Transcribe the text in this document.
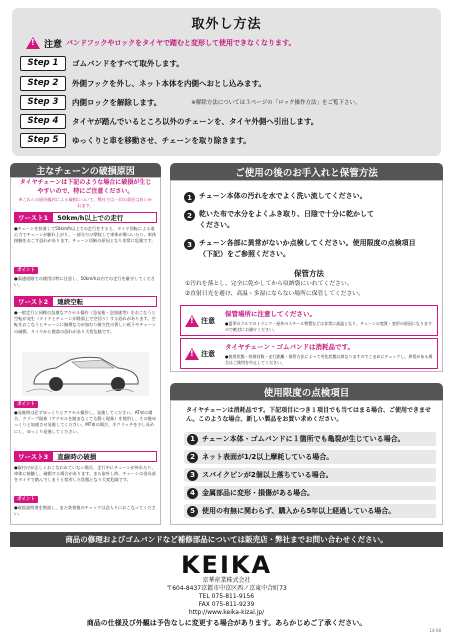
取外し方法
!
注意 バンドフックやロックをタイヤで踏むと変形して使用できなくなります。
Step 1	ゴムバンドをすべて取外します。
Step 2	外側フックを外し、ネット本体を内側へおとし込みます。
Step 3	内側ロックを解除します。	※解除方法については３ページの「ロック操作方法」をご覧下さい。
Step 4	タイヤが踏んでいるところ以外のチェーンを、タイヤ外側へ引出します。
Step 5	ゆっくりと車を移動させ、チェーンを取り除きます。
主なチェーンの破損原因
タイヤチェーンは下記のような場合に破損が生じやすいので、特にご注意ください。
※これらの原因操作による破損について、弊社では一切の責任は負いかねます。
ワースト1	50km/h以上での走行
●チェーンを装着して50km/h以上での走行をすると、タイヤ回転による遠心力でチェーンが膨れ上がり、一部分だけ摩耗して車体が傷ついたり、車体接触をおこす恐れがあります。チェーン切断の原因となり非常に危険です。
ポイント
●高速道路での使用は特に注意し、50km/h以内での走行を厳守してください。
ワースト2	連続空転
●一般走行と同様の急激なアクセル操作（急発進・急加速等）をおこなうと空転が発生（タイヤとチェーンが路面上で空回り）する恐れがあります。空転をおこなうとチェーンに無理な力が加わり耐久性の著しい低下やチェーンの破損、タイヤから脱落の恐れがあり大変危険です。
ポイント
●発進時は必ずゆっくりとアクセル操作し、発進してください。AT車の場合、クリープ現象（アクセルを踏まなくても動く現象）を使用し、その後ゆっくりと加速させ発進してください。MT車の場合、半クラッチを少し長めにし、ゆっくり発進してください。
ワースト3	直線時の破損
●取付けが正しくおこなわれていない場合、走行中にチェーンが外れたり、車体に接触し、破損する場合があります。また取外し時、チェーンの金具部をタイヤで踏んでしまうと変形した状態となり大変危険です。
ポイント
●取扱説明書を熟読し、また装着後のチェックは念入りにおこなってください。
ご使用の後のお手入れと保管方法
1	チェーン本体の汚れを水でよく洗い流してください。
2	乾いた布で水分をよくふき取り、日陰で十分に乾かしてください。
3	チェーン各部に異常がないか点検してください。使用限度の点検項目（下記）をご参照ください。
保管方法
①汚れを落とし、完全に乾かしてから収納袋にいれてください。
②直射日光を避け、高温・多湿にならない場所に保管してください。
!
注意
保管場所に注意してください。
●夏季のクルマのトランク・屋外のスチール物置などは非常に高温となり、チェーンの変質・変形の原因になりますので絶対にお避けください。
!
注意
タイヤチェーン・ゴムバンドは消耗品です。
●使用状態・装着回数・走行距離・保管方法によって劣化状態は異なりますのでこまめにチェックし、異常がある場合はご使用を中止してください。
使用限度の点検項目
タイヤチェーンは消耗品です。下記項目につき１項目でも当てはまる場合、ご使用できません。このような場合、新しい製品をお買い求めください。
1	チェーン本体・ゴムバンドに１箇所でも亀裂が生じている場合。
2	ネット表面が1/2以上摩耗している場合。
3	スパイクピンが2個以上落ちている場合。
4	金属部品に変形・損傷がある場合。
5	使用の有無に関わらず、購入から5年以上経過している場合。
商品の修理およびゴムバンドなど補修部品については販売店・弊社までお問い合わせください。
KEIKA
京華産業株式会社
〒604-8437京都市中京区西ノ京東中合町73
TEL 075-811-9156
FAX 075-811-9239
http://www.keika-kizai.jp/
商品の仕様及び外観は予告なしに変更する場合があります。あらかじめご了承ください。
14-08
